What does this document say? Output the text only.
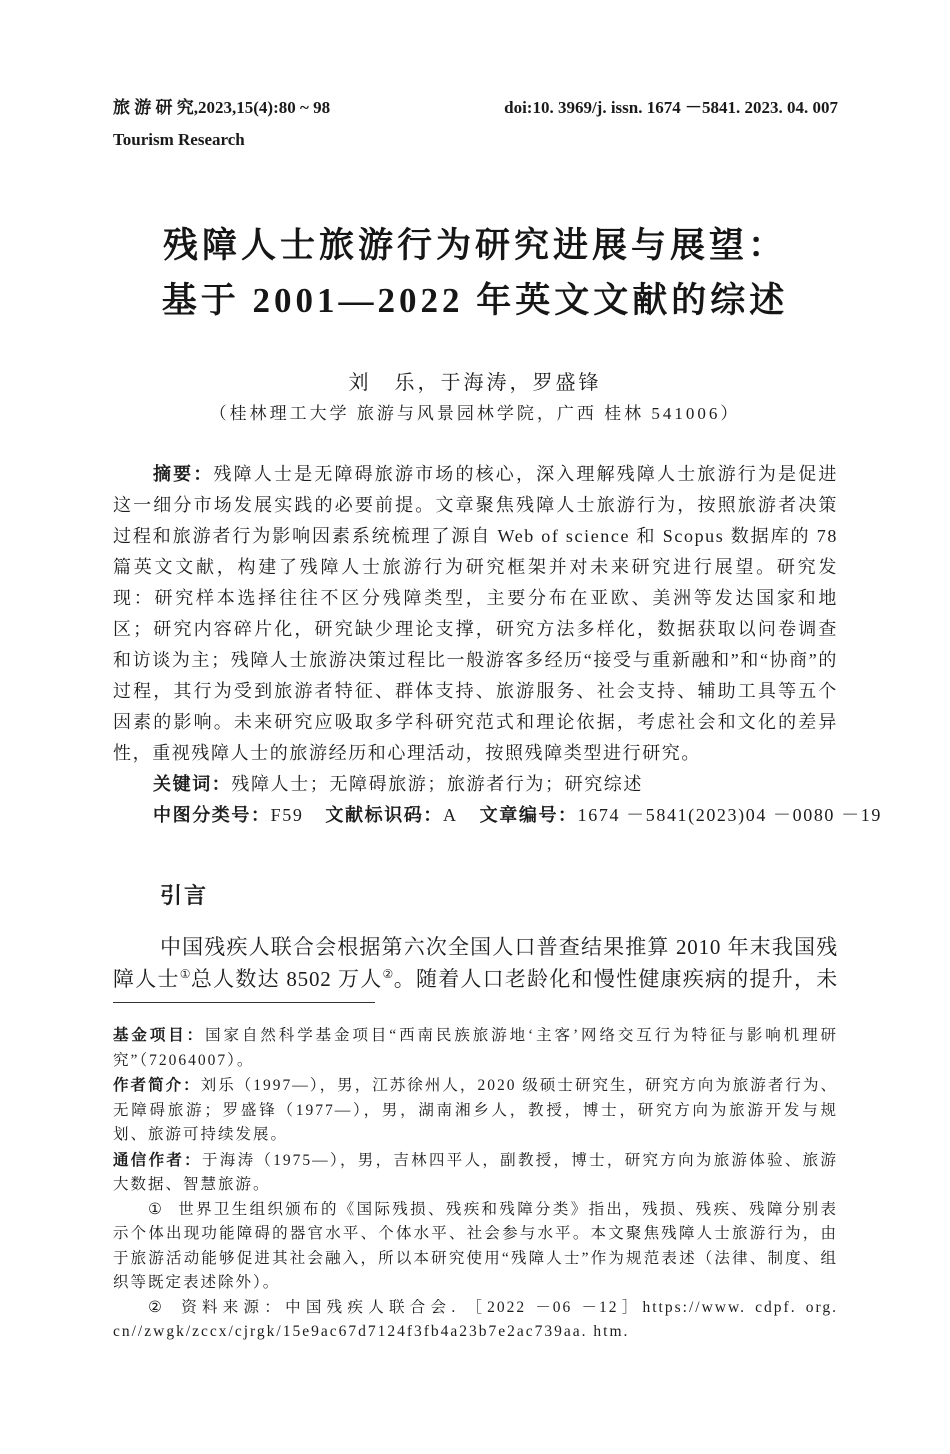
旅 游 研 究,2023,15(4):80 ~ 98	doi:10. 3969/j. issn. 1674 －5841. 2023. 04. 007
Tourism Research
残障人士旅游行为研究进展与展望：
基于 2001—2022 年英文文献的综述
刘　乐，于海涛，罗盛锋
（桂林理工大学 旅游与风景园林学院，广西 桂林 541006）

摘要：残障人士是无障碍旅游市场的核心，深入理解残障人士旅游行为是促进这一细分市场发展实践的必要前提。文章聚焦残障人士旅游行为，按照旅游者决策过程和旅游者行为影响因素系统梳理了源自 Web of science 和 Scopus 数据库的 78 篇英文文献，构建了残障人士旅游行为研究框架并对未来研究进行展望。研究发现：研究样本选择往往不区分残障类型，主要分布在亚欧、美洲等发达国家和地区；研究内容碎片化，研究缺少理论支撑，研究方法多样化，数据获取以问卷调查和访谈为主；残障人士旅游决策过程比一般游客多经历“接受与重新融和”和“协商”的过程，其行为受到旅游者特征、群体支持、旅游服务、社会支持、辅助工具等五个因素的影响。未来研究应吸取多学科研究范式和理论依据，考虑社会和文化的差异性，重视残障人士的旅游经历和心理活动，按照残障类型进行研究。

关键词：残障人士；无障碍旅游；旅游者行为；研究综述

中图分类号：F59 文献标识码：A 文章编号：1674 －5841(2023)04 －0080 －19

引言

中国残疾人联合会根据第六次全国人口普查结果推算 2010 年末我国残障人士①总人数达 8502 万人②。随着人口老龄化和慢性健康疾病的提升，未

基金项目：国家自然科学基金项目“西南民族旅游地‘主客’网络交互行为特征与影响机理研究”（72064007）。

作者简介：刘乐（1997—），男，江苏徐州人，2020 级硕士研究生，研究方向为旅游者行为、无障碍旅游；罗盛锋（1977—），男，湖南湘乡人，教授，博士，研究方向为旅游开发与规划、旅游可持续发展。

通信作者：于海涛（1975—），男，吉林四平人，副教授，博士，研究方向为旅游体验、旅游大数据、智慧旅游。

① 世界卫生组织颁布的《国际残损、残疾和残障分类》指出，残损、残疾、残障分别表示个体出现功能障碍的器官水平、个体水平、社会参与水平。本文聚焦残障人士旅游行为，由于旅游活动能够促进其社会融入，所以本研究使用“残障人士”作为规范表述（法律、制度、组织等既定表述除外）。

② 资料来源：中国残疾人联合会. ［2022 －06 －12］https://www. cdpf. org. cn//zwgk/zccx/cjrgk/15e9ac67d7124f3fb4a23b7e2ac739aa. htm.
